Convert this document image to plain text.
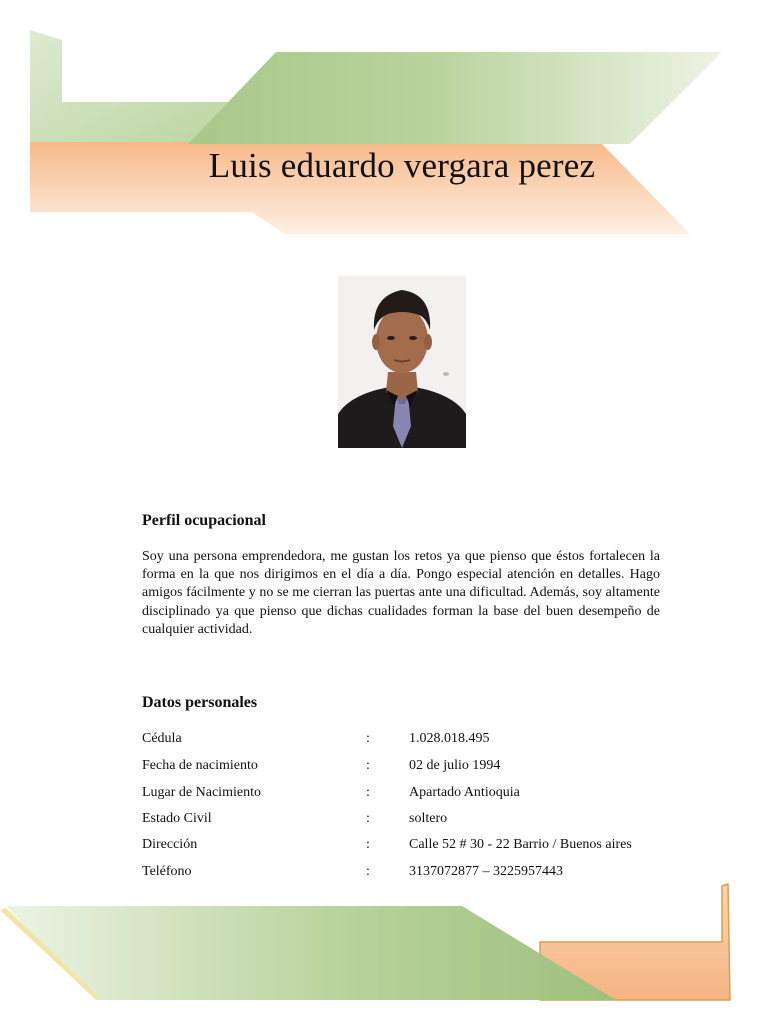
Luis eduardo vergara perez
Perfil ocupacional
Soy una persona emprendedora, me gustan los retos ya que pienso que éstos fortalecen la forma en la que nos dirigimos en el día a día. Pongo especial atención en detalles. Hago amigos fácilmente y no se me cierran las puertas ante una dificultad. Además, soy altamente disciplinado ya que pienso que dichas cualidades forman la base del buen desempeño de cualquier actividad.
Datos personales
Cédula	:	1.028.018.495
Fecha de nacimiento	:	02 de julio 1994
Lugar de Nacimiento	:	Apartado Antioquia
Estado Civil	:	soltero
Dirección	:	Calle 52 # 30 - 22 Barrio / Buenos aires
Teléfono	:	3137072877 – 3225957443
